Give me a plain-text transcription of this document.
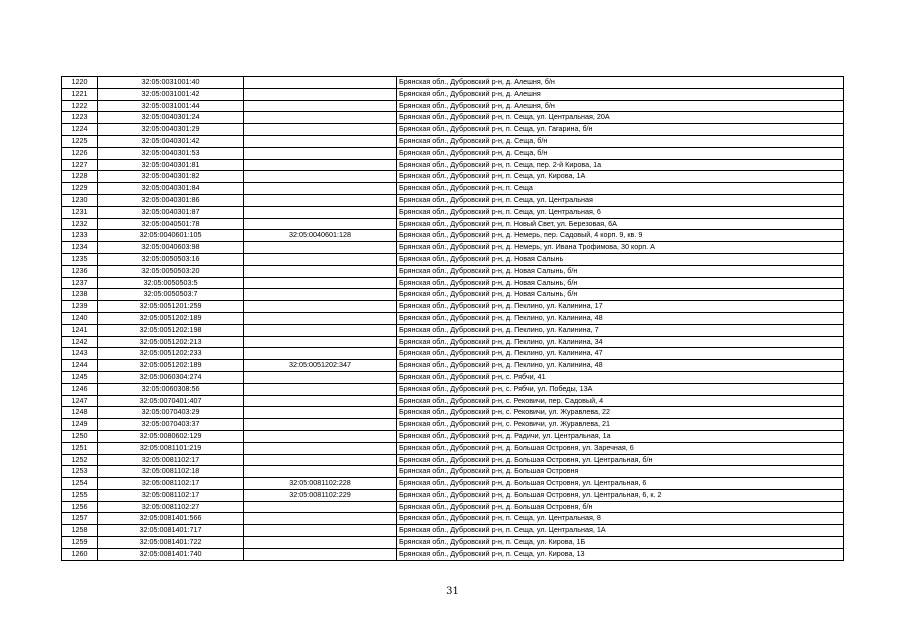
1220	32:05:0031001:40		Брянская обл., Дубровский р-н, д. Алешня, б/н
1221	32:05:0031001:42		Брянская обл., Дубровский р-н, д. Алешня
1222	32:05:0031001:44		Брянская обл., Дубровский р-н, д. Алешня, б/н
1223	32:05:0040301:24		Брянская обл., Дубровский р-н, п. Сеща, ул. Центральная, 20А
1224	32:05:0040301:29		Брянская обл., Дубровский р-н, п. Сеща, ул. Гагарина, б/н
1225	32:05:0040301:42		Брянская обл., Дубровский р-н, д. Сеща, б/н
1226	32:05:0040301:53		Брянская обл., Дубровский р-н, д. Сеща, б/н
1227	32:05:0040301:81		Брянская обл., Дубровский р-н, п. Сеща, пер. 2-й Кирова, 1а
1228	32:05:0040301:82		Брянская обл., Дубровский р-н, п. Сеща, ул. Кирова, 1А
1229	32:05:0040301:84		Брянская обл., Дубровский р-н, п. Сеща
1230	32:05:0040301:86		Брянская обл., Дубровский р-н, п. Сеща, ул. Центральная
1231	32:05:0040301:87		Брянская обл., Дубровский р-н, п. Сеща, ул. Центральная, 6
1232	32:05:0040501:78		Брянская обл., Дубровский р-н, п. Новый Свет, ул. Березовая, 6А
1233	32:05:0040601:105	32:05:0040601:128	Брянская обл., Дубровский р-н, д. Немерь, пер. Садовый, 4 корп. 9, кв. 9
1234	32:05:0040603:98		Брянская обл., Дубровский р-н, д. Немерь, ул. Ивана Трофимова, 30 корп. А
1235	32:05:0050503:16		Брянская обл., Дубровский р-н, д. Новая Салынь
1236	32:05:0050503:20		Брянская обл., Дубровский р-н, д. Новая Салынь, б/н
1237	32:05:0050503:5		Брянская обл., Дубровский р-н, д. Новая Салынь, б/н
1238	32:05:0050503:7		Брянская обл., Дубровский р-н, д. Новая Салынь, б/н
1239	32:05:0051201:259		Брянская обл., Дубровский р-н, д. Пеклино, ул. Калинина, 17
1240	32:05:0051202:189		Брянская обл., Дубровский р-н, д. Пеклино, ул. Калинина, 48
1241	32:05:0051202:198		Брянская обл., Дубровский р-н, д. Пеклино, ул. Калинина, 7
1242	32:05:0051202:213		Брянская обл., Дубровский р-н, д. Пеклино, ул. Калинина, 34
1243	32:05:0051202:233		Брянская обл., Дубровский р-н, д. Пеклино, ул. Калинина, 47
1244	32:05:0051202:189	32:05:0051202:347	Брянская обл., Дубровский р-н, д. Пеклино, ул. Калинина, 48
1245	32:05:0060304:274		Брянская обл., Дубровский р-н, с. Рябчи, 41
1246	32:05:0060308:56		Брянская обл., Дубровский р-н, с. Рябчи, ул. Победы, 13А
1247	32:05:0070401:407		Брянская обл., Дубровский р-н, с. Рековичи, пер. Садовый, 4
1248	32:05:0070403:29		Брянская обл., Дубровский р-н, с. Рековичи, ул. Журавлева, 22
1249	32:05:0070403:37		Брянская обл., Дубровский р-н, с. Рековичи, ул. Журавлева, 21
1250	32:05:0080602:129		Брянская обл., Дубровский р-н, д. Радичи, ул. Центральная, 1а
1251	32:05:0081101:219		Брянская обл., Дубровский р-н, д. Большая Островня, ул. Заречная, 6
1252	32:05:0081102:17		Брянская обл., Дубровский р-н, д. Большая Островня, ул. Центральная, б/н
1253	32:05:0081102:18		Брянская обл., Дубровский р-н, д. Большая Островня
1254	32:05:0081102:17	32:05:0081102:228	Брянская обл., Дубровский р-н, д. Большая Островня, ул. Центральная, 6
1255	32:05:0081102:17	32:05:0081102:229	Брянская обл., Дубровский р-н, д. Большая Островня, ул. Центральная, 6, к. 2
1256	32:05:0081102:27		Брянская обл., Дубровский р-н, д. Большая Островня, б/н
1257	32:05:0081401:566		Брянская обл., Дубровский р-н, п. Сеща, ул. Центральная, 8
1258	32:05:0081401:717		Брянская обл., Дубровский р-н, п. Сеща, ул. Центральная, 1А
1259	32:05:0081401:722		Брянская обл., Дубровский р-н, п. Сеща, ул. Кирова, 1Б
1260	32:05:0081401:740		Брянская обл., Дубровский р-н, п. Сеща, ул. Кирова, 13
31
